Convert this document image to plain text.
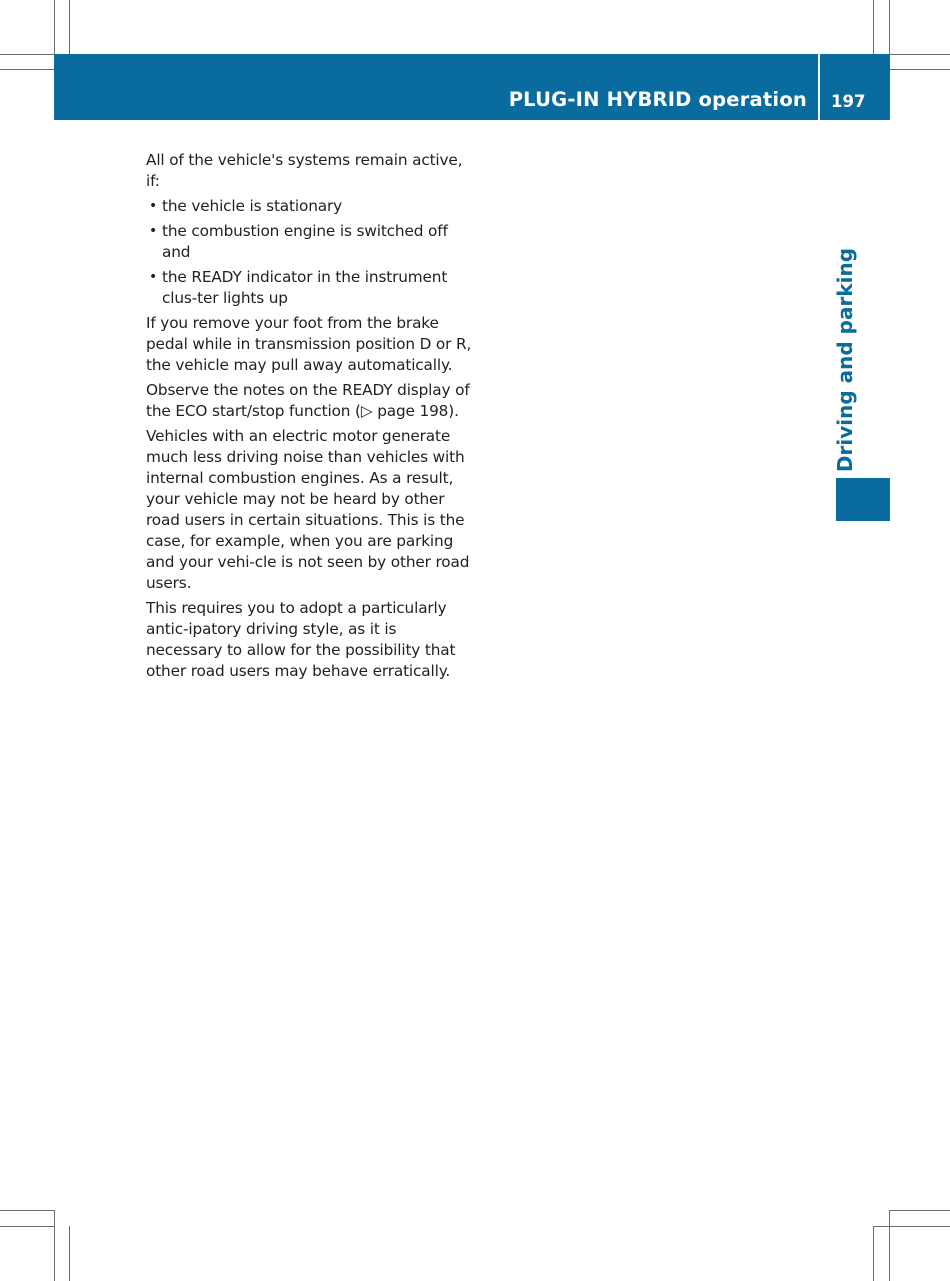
PLUG-IN HYBRID operation 197
Driving and parking

All of the vehicle's systems remain active, if:

• the vehicle is stationary
• the combustion engine is switched off and
• the READY indicator in the instrument clus-ter lights up

If you remove your foot from the brake pedal while in transmission position D or R, the vehicle may pull away automatically.

Observe the notes on the READY display of the ECO start/stop function (▷ page 198).

Vehicles with an electric motor generate much less driving noise than vehicles with internal combustion engines. As a result, your vehicle may not be heard by other road users in certain situations. This is the case, for example, when you are parking and your vehi-cle is not seen by other road users.

This requires you to adopt a particularly antic-ipatory driving style, as it is necessary to allow for the possibility that other road users may behave erratically.
